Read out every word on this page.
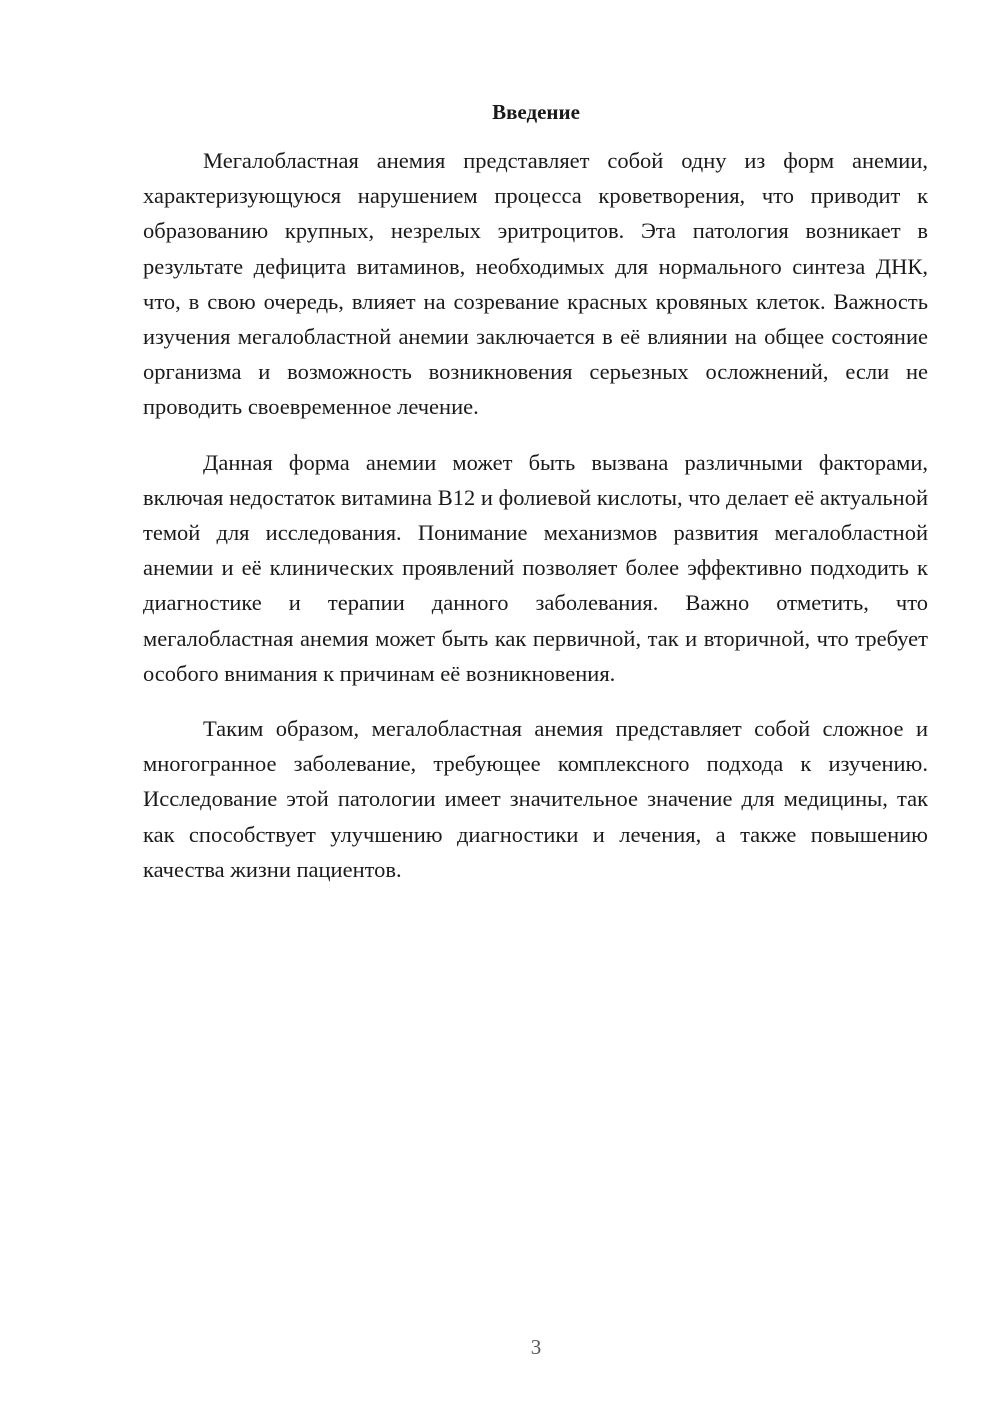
Введение

Мегалобластная анемия представляет собой одну из форм анемии, характеризующуюся нарушением процесса кроветворения, что приводит к образованию крупных, незрелых эритроцитов. Эта патология возникает в результате дефицита витаминов, необходимых для нормального синтеза ДНК, что, в свою очередь, влияет на созревание красных кровяных клеток. Важность изучения мегалобластной анемии заключается в её влиянии на общее состояние организма и возможность возникновения серьезных осложнений, если не проводить своевременное лечение.

Данная форма анемии может быть вызвана различными факторами, включая недостаток витамина B12 и фолиевой кислоты, что делает её актуальной темой для исследования. Понимание механизмов развития мегалобластной анемии и её клинических проявлений позволяет более эффективно подходить к диагностике и терапии данного заболевания. Важно отметить, что мегалобластная анемия может быть как первичной, так и вторичной, что требует особого внимания к причинам её возникновения.

Таким образом, мегалобластная анемия представляет собой сложное и многогранное заболевание, требующее комплексного подхода к изучению. Исследование этой патологии имеет значительное значение для медицины, так как способствует улучшению диагностики и лечения, а также повышению качества жизни пациентов.

3
